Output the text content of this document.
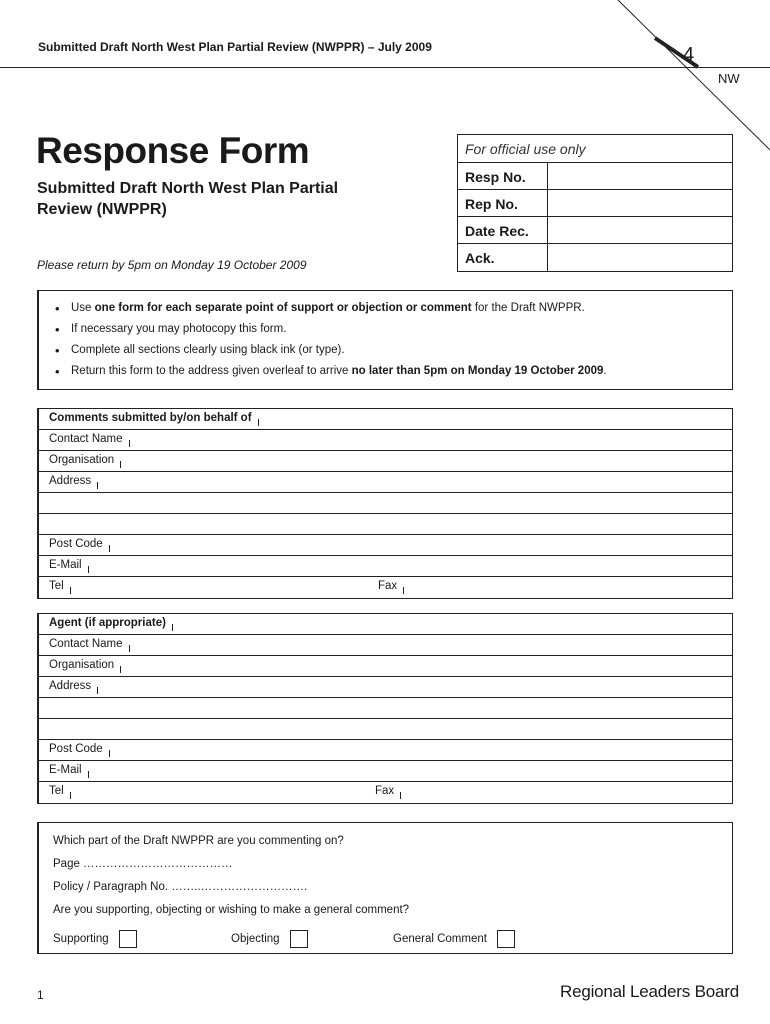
Submitted Draft North West Plan Partial Review (NWPPR) – July 2009	4
NW
Response Form
Submitted Draft North West Plan Partial Review (NWPPR)
Please return by 5pm on Monday 19 October 2009
For official use only
Resp No.
Rep No.
Date Rec.
Ack.
• Use one form for each separate point of support or objection or comment for the Draft NWPPR.
• If necessary you may photocopy this form.
• Complete all sections clearly using black ink (or type).
• Return this form to the address given overleaf to arrive no later than 5pm on Monday 19 October 2009.
Comments submitted by/on behalf of
Contact Name
Organisation
Address
Post Code
E-Mail
Tel	Fax
Agent (if appropriate)
Contact Name
Organisation
Address
Post Code
E-Mail
Tel	Fax
Which part of the Draft NWPPR are you commenting on?
Page …………………………………
Policy / Paragraph No. ……..……………………….
Are you supporting, objecting or wishing to make a general comment?
Supporting	Objecting	General Comment
1	Regional Leaders Board
